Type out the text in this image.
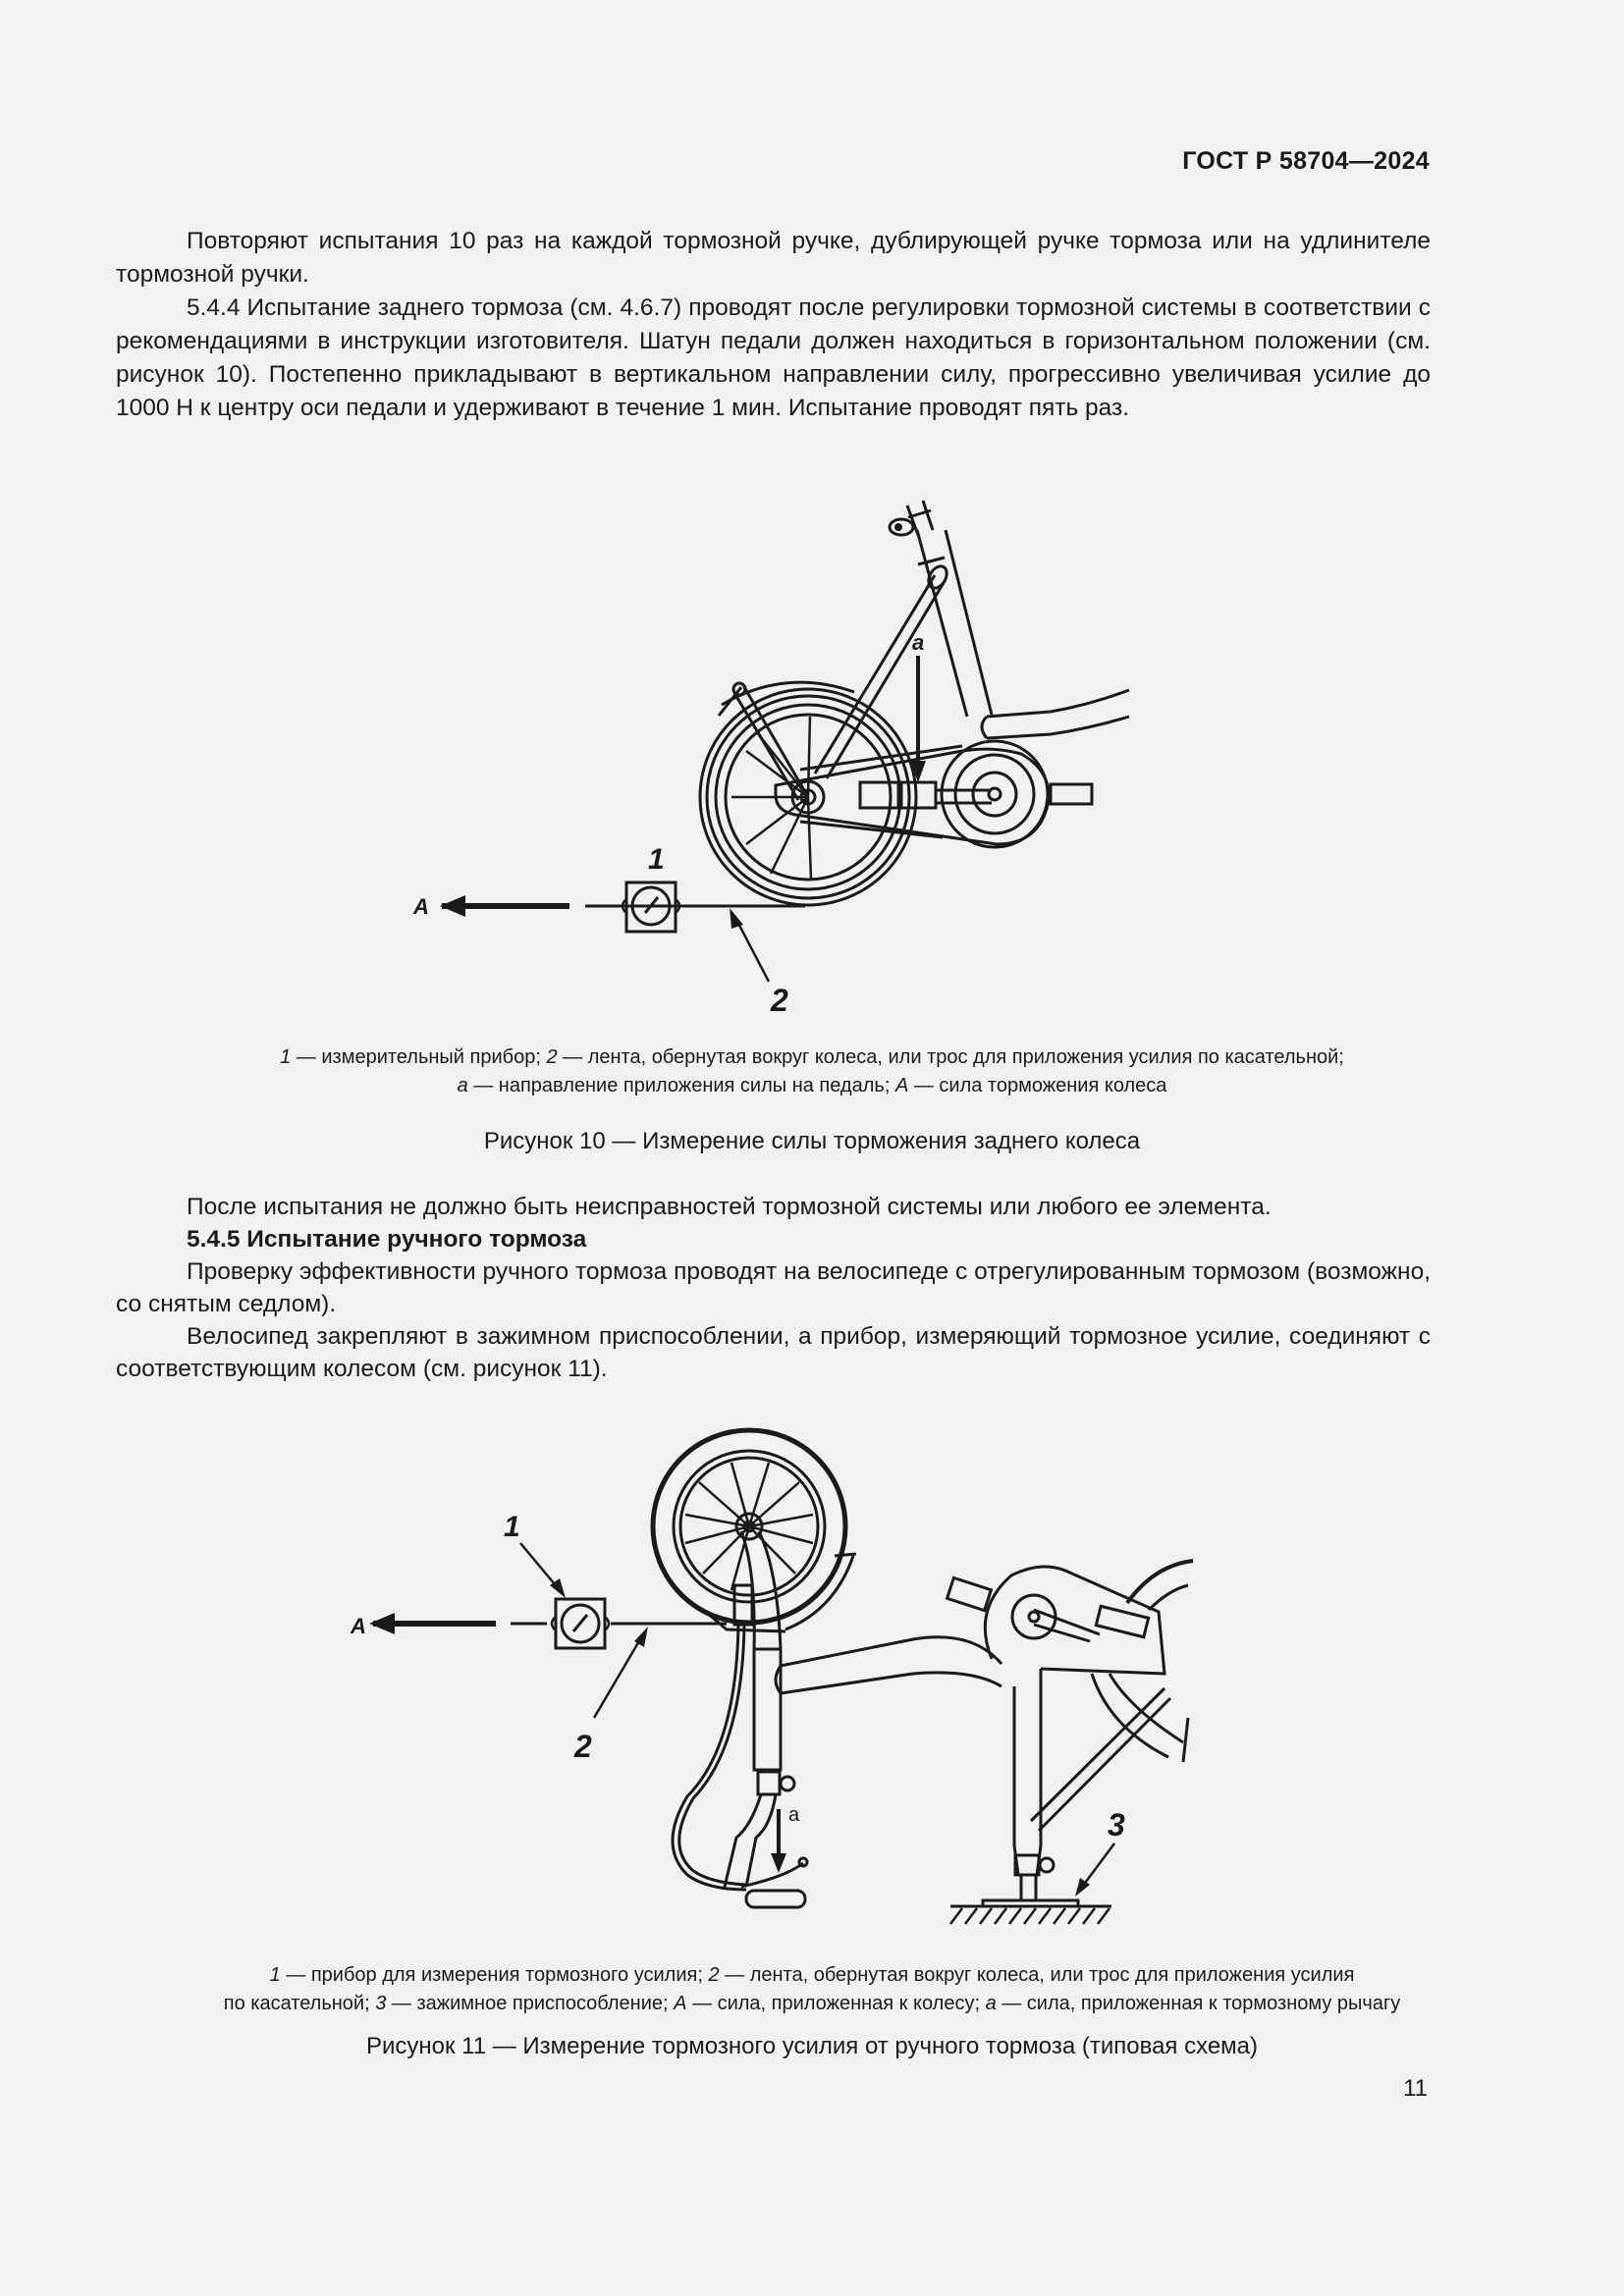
ГОСТ Р 58704—2024

Повторяют испытания 10 раз на каждой тормозной ручке, дублирующей ручке тормоза или на удлинителе тормозной ручки.

5.4.4 Испытание заднего тормоза (см. 4.6.7) проводят после регулировки тормозной системы в соответствии с рекомендациями в инструкции изготовителя. Шатун педали должен находиться в горизонтальном положении (см. рисунок 10). Постепенно прикладывают в вертикальном направлении силу, прогрессивно увеличивая усилие до 1000 Н к центру оси педали и удерживают в течение 1 мин. Испытание проводят пять раз.

a
A
1
2
1 — измерительный прибор; 2 — лента, обернутая вокруг колеса, или трос для приложения усилия по касательной;
a — направление приложения силы на педаль; A — сила торможения колеса
Рисунок 10 — Измерение силы торможения заднего колеса

После испытания не должно быть неисправностей тормозной системы или любого ее элемента.

5.4.5 Испытание ручного тормоза

Проверку эффективности ручного тормоза проводят на велосипеде с отрегулированным тормозом (возможно, со снятым седлом).

Велосипед закрепляют в зажимном приспособлении, а прибор, измеряющий тормозное усилие, соединяют с соответствующим колесом (см. рисунок 11).

A
1
2
3
a
1 — прибор для измерения тормозного усилия; 2 — лента, обернутая вокруг колеса, или трос для приложения усилия
по касательной; 3 — зажимное приспособление; A — сила, приложенная к колесу; a — сила, приложенная к тормозному рычагу
Рисунок 11 — Измерение тормозного усилия от ручного тормоза (типовая схема)
11
